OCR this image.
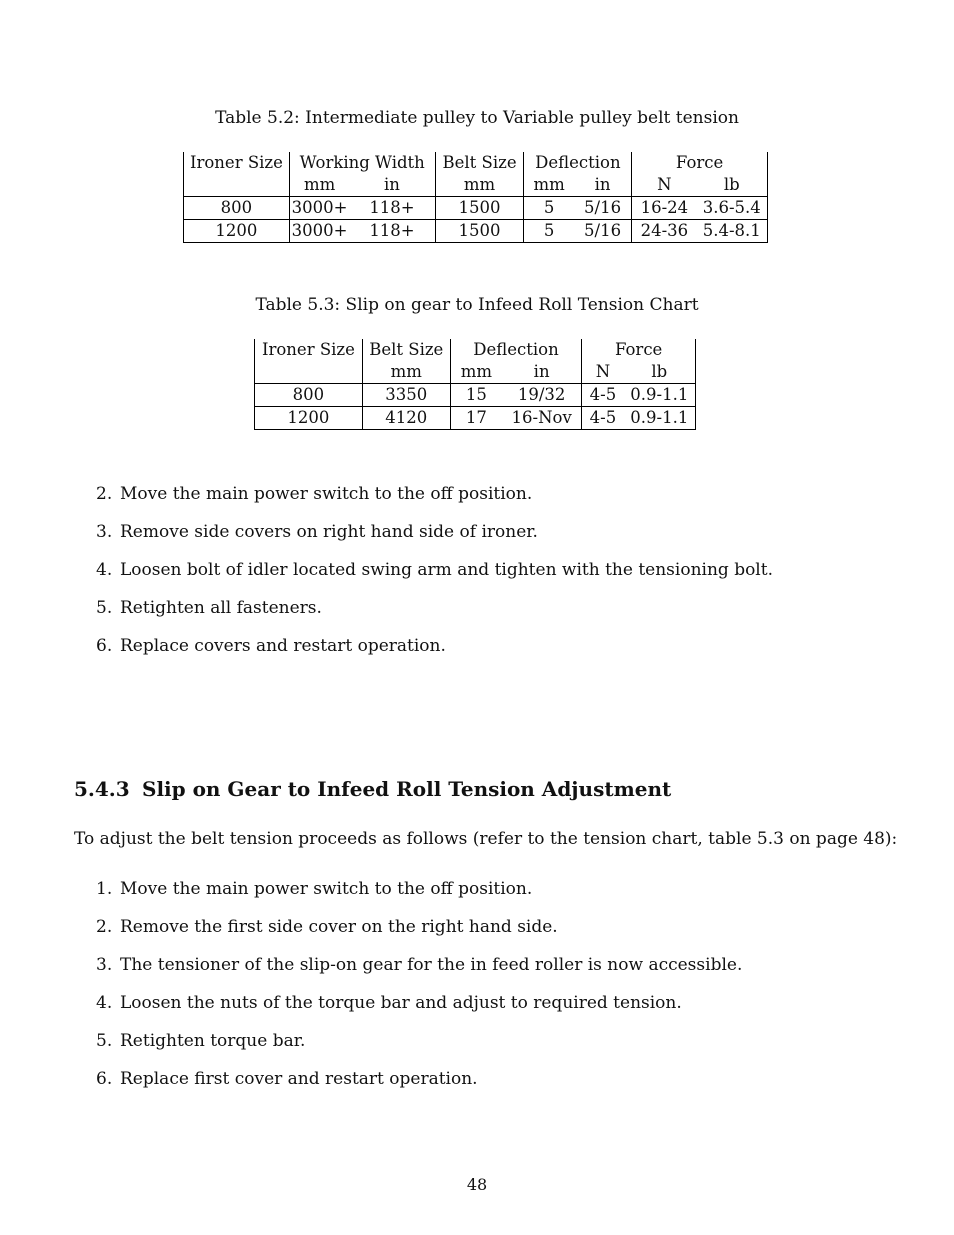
Table 5.2: Intermediate pulley to Variable pulley belt tension
Ironer Size	Working Width		Belt Size	Deflection		Force	
	mm	in	mm	mm	in	N	lb
800	3000+	118+	1500	5	5/16	16-24	3.6-5.4
1200	3000+	118+	1500	5	5/16	24-36	5.4-8.1
Table 5.3: Slip on gear to Infeed Roll Tension Chart
Ironer Size	Belt Size	Deflection		Force	
	mm	mm	in	N	lb
800	3350	15	19/32	4-5	0.9-1.1
1200	4120	17	16-Nov	4-5	0.9-1.1
2. Move the main power switch to the off position.
3. Remove side covers on right hand side of ironer.
4. Loosen bolt of idler located swing arm and tighten with the tensioning bolt.
5. Retighten all fasteners.
6. Replace covers and restart operation.
5.4.3 Slip on Gear to Infeed Roll Tension Adjustment
To adjust the belt tension proceeds as follows (refer to the tension chart, table 5.3 on page 48):
1. Move the main power switch to the off position.
2. Remove the first side cover on the right hand side.
3. The tensioner of the slip-on gear for the in feed roller is now accessible.
4. Loosen the nuts of the torque bar and adjust to required tension.
5. Retighten torque bar.
6. Replace first cover and restart operation.
48
